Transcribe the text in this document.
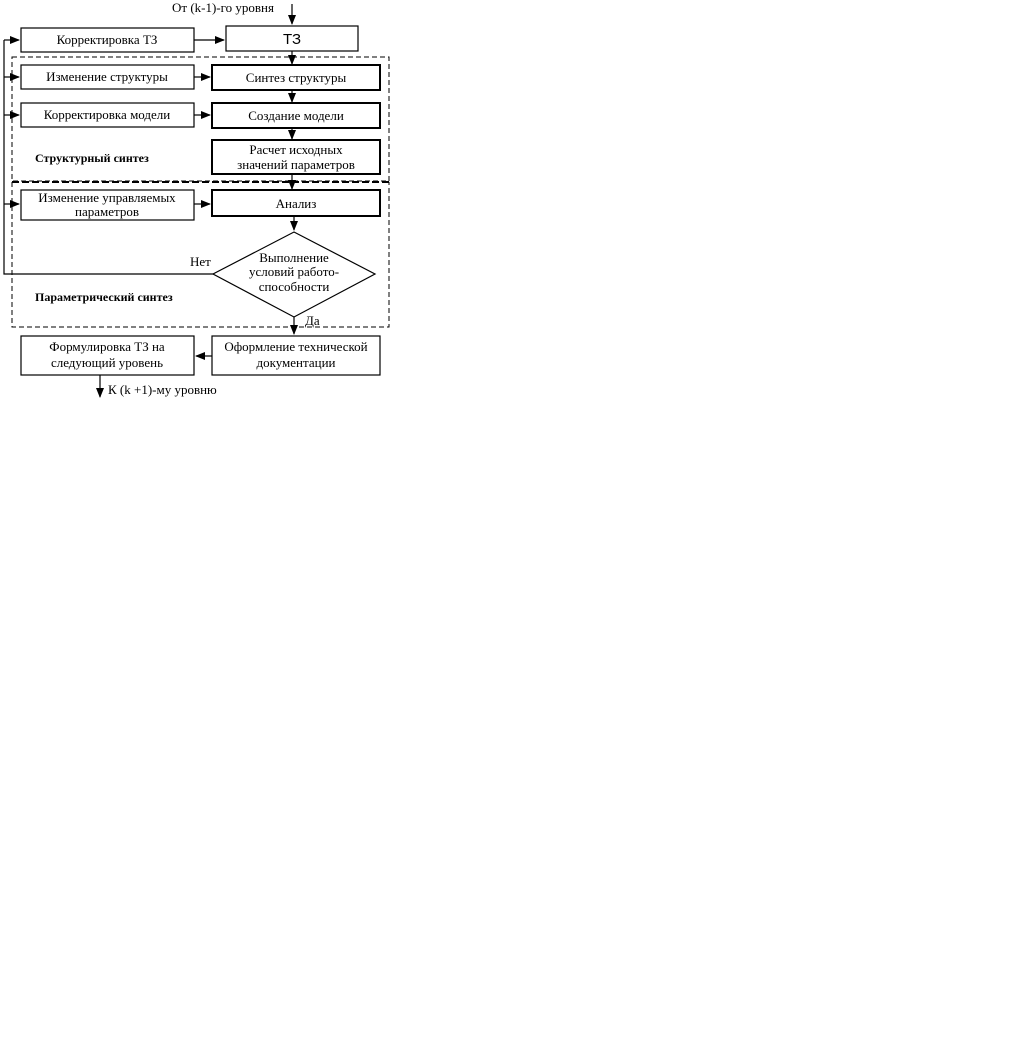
От (k-1)-го уровня
Корректировка ТЗ	ТЗ
Изменение структуры	Синтез структуры
Корректировка модели	Создание модели
Структурный синтез
Расчет исходных
значений параметров
Изменение управляемых
параметров
Анализ
Выполнение
условий работо-
способности
Нет
Да
Параметрический синтез
Оформление технической
документации
Формулировка ТЗ на
следующий уровень
К (k +1)-му уровню
